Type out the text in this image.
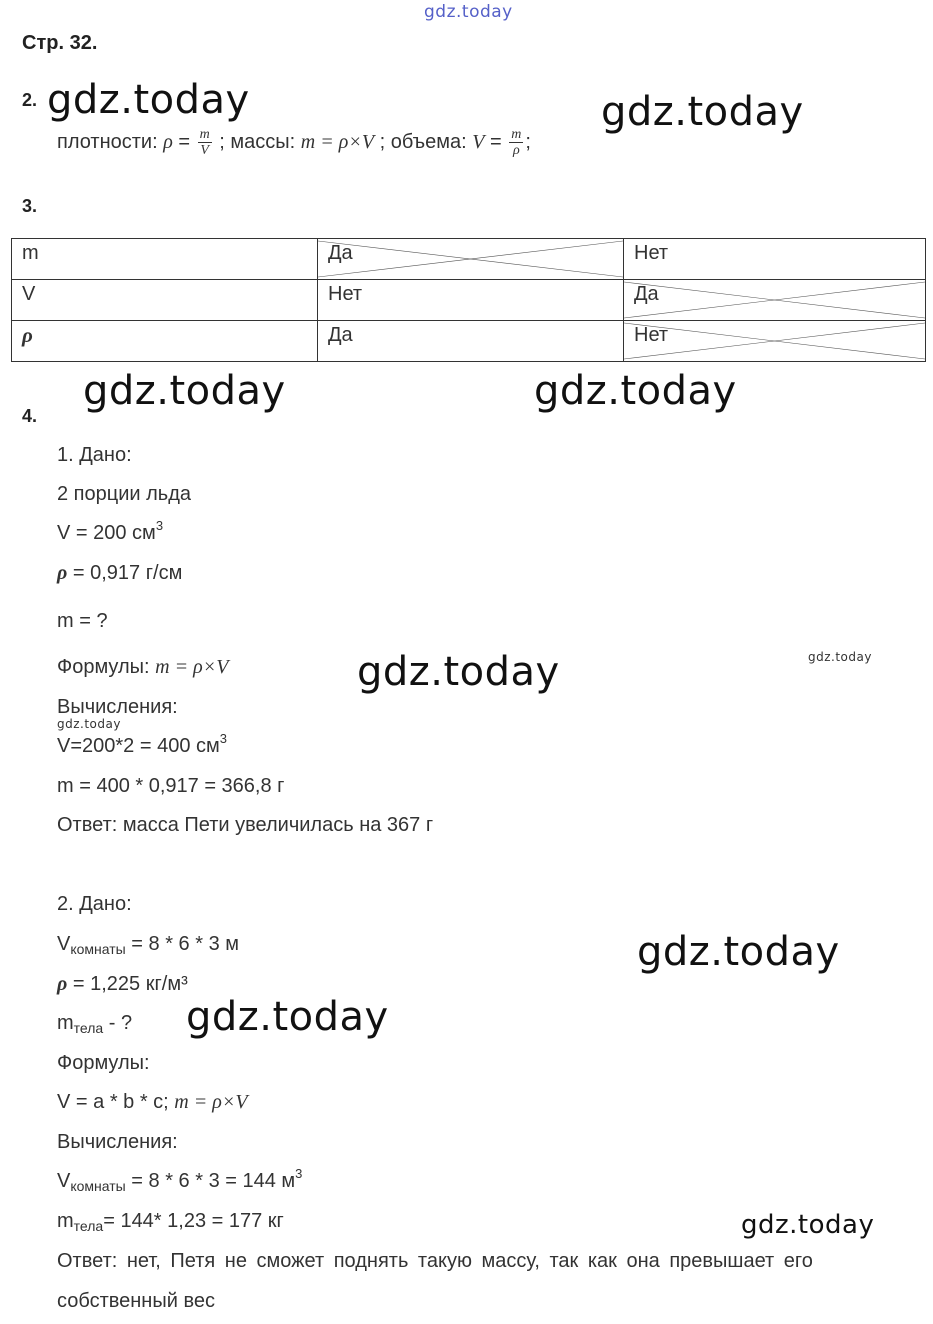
gdz.today
Стр. 32.
2.
плотности: $\rho = \frac{m}{V}$ ; массы: m = ρ×V ; объема: $V = \frac{m}{\rho}$ ;
3.
m	Да	Нет
V	Нет	Да
ρ	Да	Нет
4.
1. Дано:
2 порции льда
V = 200 $см^3$
ρ = 0,917 г/см
m = ?
Формулы: m = ρ×V
Вычисления:
V=200*2 = 400 $см^3$
m = 400 * 0,917 = 366,8 г
Ответ: масса Пети увеличилась на 367 г
2. Дано:
$V_{комнаты} = 8 * 6 * 3$ м
ρ = 1,225 кг/м³
$m_{тела}$ - ?
Формулы:
V = a * b * c; m = ρ×V
Вычисления:
$V_{комнаты} = 8 * 6 * 3 = 144$ $м^3$
$m_{тела}= 144*$ 1,23 = 177 кг
Ответ: нет, Петя не сможет поднять такую массу, так как она превышает его
собственный вес
gdz.today	gdz.today
gdz.today	gdz.today
gdz.today	gdz.today
gdz.today
gdz.today
gdz.today
gdz.today
